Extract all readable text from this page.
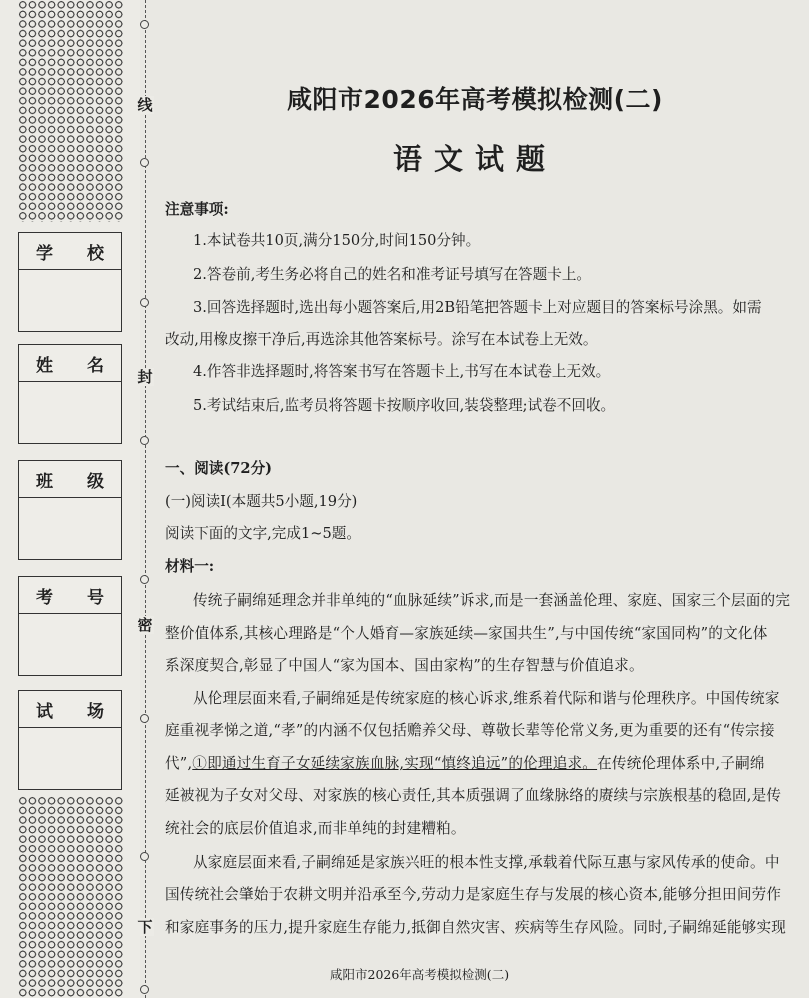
学　　校
姓　　名
班　　级
考　　号
试　　场
线
封
密
下
咸阳市2026年高考模拟检测(二)
语文试题
注意事项:
1.本试卷共10页,满分150分,时间150分钟。
2.答卷前,考生务必将自己的姓名和准考证号填写在答题卡上。
3.回答选择题时,选出每小题答案后,用2B铅笔把答题卡上对应题目的答案标号涂黑。如需
改动,用橡皮擦干净后,再选涂其他答案标号。涂写在本试卷上无效。
4.作答非选择题时,将答案书写在答题卡上,书写在本试卷上无效。
5.考试结束后,监考员将答题卡按顺序收回,装袋整理;试卷不回收。
一、阅读(72分)
(一)阅读Ⅰ(本题共5小题,19分)
阅读下面的文字,完成1~5题。
材料一:
传统子嗣绵延理念并非单纯的“血脉延续”诉求,而是一套涵盖伦理、家庭、国家三个层面的完
整价值体系,其核心理路是“个人婚育—家族延续—家国共生”,与中国传统“家国同构”的文化体
系深度契合,彰显了中国人“家为国本、国由家构”的生存智慧与价值追求。
从伦理层面来看,子嗣绵延是传统家庭的核心诉求,维系着代际和谐与伦理秩序。中国传统家
庭重视孝悌之道,“孝”的内涵不仅包括赡养父母、尊敬长辈等伦常义务,更为重要的还有“传宗接
代”,①即通过生育子女延续家族血脉,实现“慎终追远”的伦理追求。在传统伦理体系中,子嗣绵
延被视为子女对父母、对家族的核心责任,其本质强调了血缘脉络的赓续与宗族根基的稳固,是传
统社会的底层价值追求,而非单纯的封建糟粕。
从家庭层面来看,子嗣绵延是家族兴旺的根本性支撑,承载着代际互惠与家风传承的使命。中
国传统社会肇始于农耕文明并沿承至今,劳动力是家庭生存与发展的核心资本,能够分担田间劳作
和家庭事务的压力,提升家庭生存能力,抵御自然灾害、疾病等生存风险。同时,子嗣绵延能够实现
咸阳市2026年高考模拟检测(二)
